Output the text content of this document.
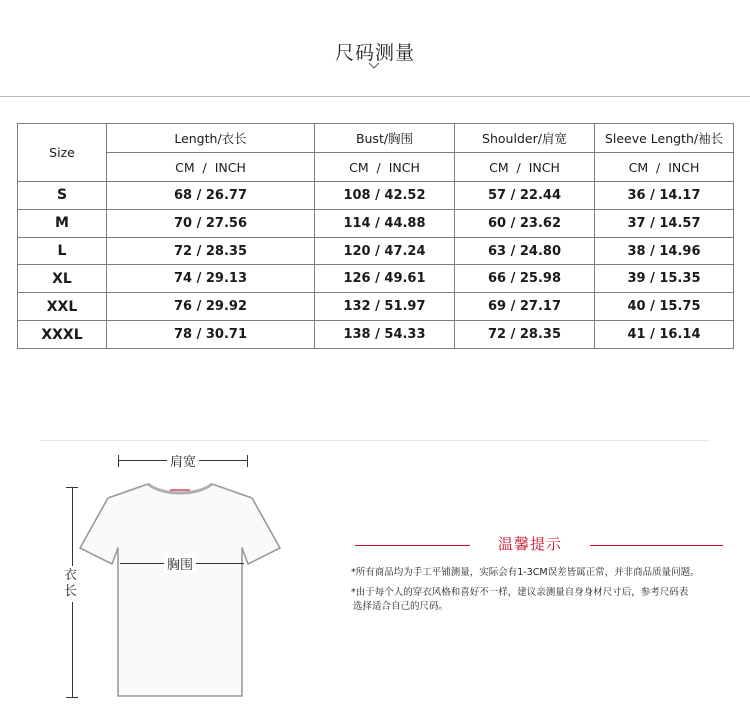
尺码测量
Size	Length/衣长	Bust/胸围	Shoulder/肩宽	Sleeve Length/袖长
	CM  /  INCH	CM  /  INCH	CM  /  INCH	CM  /  INCH
S	68 / 26.77	108 / 42.52	57 / 22.44	36 / 14.17
M	70 / 27.56	114 / 44.88	60 / 23.62	37 / 14.57
L	72 / 28.35	120 / 47.24	63 / 24.80	38 / 14.96
XL	74 / 29.13	126 / 49.61	66 / 25.98	39 / 15.35
XXL	76 / 29.92	132 / 51.97	69 / 27.17	40 / 15.75
XXXL	78 / 30.71	138 / 54.33	72 / 28.35	41 / 16.14
肩宽
胸围
衣
长
温馨提示
*所有商品均为手工平铺测量，实际会有1-3CM误差皆属正常，并非商品质量问题。
*由于每个人的穿衣风格和喜好不一样，建议亲测量自身身材尺寸后，参考尺码表
选择适合自己的尺码。
